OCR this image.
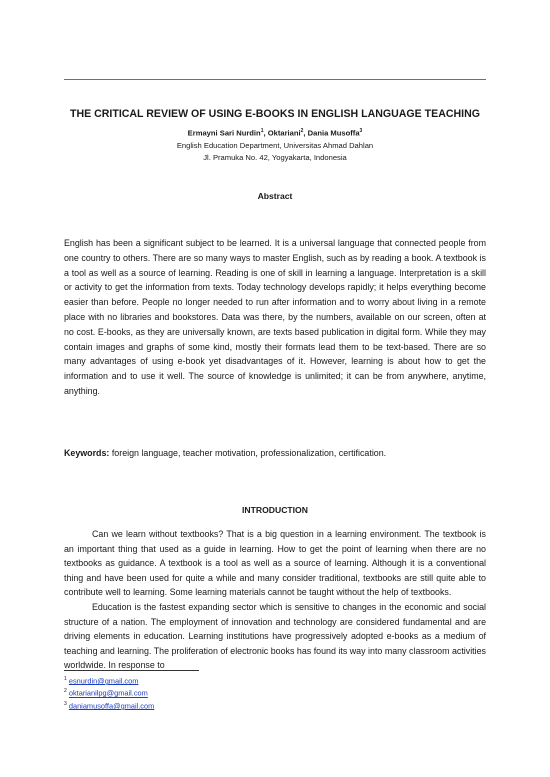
THE CRITICAL REVIEW OF USING E-BOOKS IN ENGLISH LANGUAGE TEACHING
Ermayni Sari Nurdin$^1$, Oktariani$^2$, Dania Musoffa$^3$
English Education Department, Universitas Ahmad Dahlan
Jl. Pramuka No. 42, Yogyakarta, Indonesia
Abstract
English has been a significant subject to be learned. It is a universal language that connected people from one country to others. There are so many ways to master English, such as by reading a book. A textbook is a tool as well as a source of learning. Reading is one of skill in learning a language. Interpretation is a skill or activity to get the information from texts. Today technology develops rapidly; it helps everything become easier than before. People no longer needed to run after information and to worry about living in a remote place with no libraries and bookstores. Data was there, by the numbers, available on our screen, often at no cost. E-books, as they are universally known, are texts based publication in digital form. While they may contain images and graphs of some kind, mostly their formats lead them to be text-based. There are so many advantages of using e-book yet disadvantages of it. However, learning is about how to get the information and to use it well. The source of knowledge is unlimited; it can be from anywhere, anytime, anything.
Keywords: foreign language, teacher motivation, professionalization, certification.
INTRODUCTION

Can we learn without textbooks? That is a big question in a learning environment. The textbook is an important thing that used as a guide in learning. How to get the point of learning when there are no textbooks as guidance. A textbook is a tool as well as a source of learning. Although it is a conventional thing and have been used for quite a while and many consider traditional, textbooks are still quite able to contribute well to learning. Some learning materials cannot be taught without the help of textbooks.

Education is the fastest expanding sector which is sensitive to changes in the economic and social structure of a nation. The employment of innovation and technology are considered fundamental and are driving elements in education. Learning institutions have progressively adopted e-books as a medium of teaching and learning. The proliferation of electronic books has found its way into many classroom activities worldwide. In response to

$^1$ esnurdin@gmail.com
$^2$ oktarianilpg@gmail.com
$^3$ daniamusoffa@gmail.com
